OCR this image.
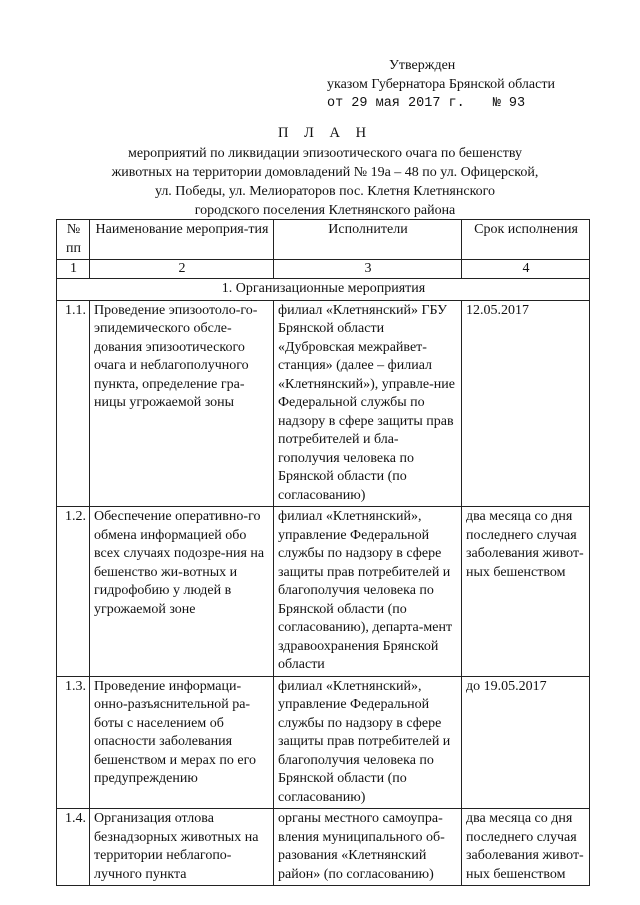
Утвержден
указом Губернатора Брянской области
от 29 мая 2017 г. № 93
П Л А Н
мероприятий по ликвидации эпизоотического очага по бешенству
животных на территории домовладений № 19а – 48 по ул. Офицерской,
ул. Победы, ул. Мелиораторов пос. Клетня Клетнянского
городского поселения Клетнянского района
№ пп	Наименование мероприя-тия	Исполнители	Срок исполнения
1	2	3	4
1. Организационные мероприятия			
1.1.	Проведение эпизоотоло-го-эпидемического обсле-дования эпизоотического очага и неблагополучного пункта, определение гра-ницы угрожаемой зоны	филиал «Клетнянский» ГБУ Брянской области «Дубровская межрайвет-станция» (далее – филиал «Клетнянский»), управле-ние Федеральной службы по надзору в сфере защиты прав потребителей и бла-гополучия человека по Брянской области (по согласованию)	12.05.2017
1.2.	Обеспечение оперативно-го обмена информацией обо всех случаях подозре-ния на бешенство жи-вотных и гидрофобию у людей в угрожаемой зоне	филиал «Клетнянский», управление Федеральной службы по надзору в сфере защиты прав потребителей и благополучия человека по Брянской области (по согласованию), департа-мент здравоохранения Брянской области	два месяца со дня последнего случая заболевания живот-ных бешенством
1.3.	Проведение информаци-онно-разъяснительной ра-боты с населением об опасности заболевания бешенством и мерах по его предупреждению	филиал «Клетнянский», управление Федеральной службы по надзору в сфере защиты прав потребителей и благополучия человека по Брянской области (по согласованию)	до 19.05.2017
1.4.	Организация отлова безнадзорных животных на территории неблагопо-лучного пункта	органы местного самоупра-вления муниципального об-разования «Клетнянский район» (по согласованию)	два месяца со дня последнего случая заболевания живот-ных бешенством
